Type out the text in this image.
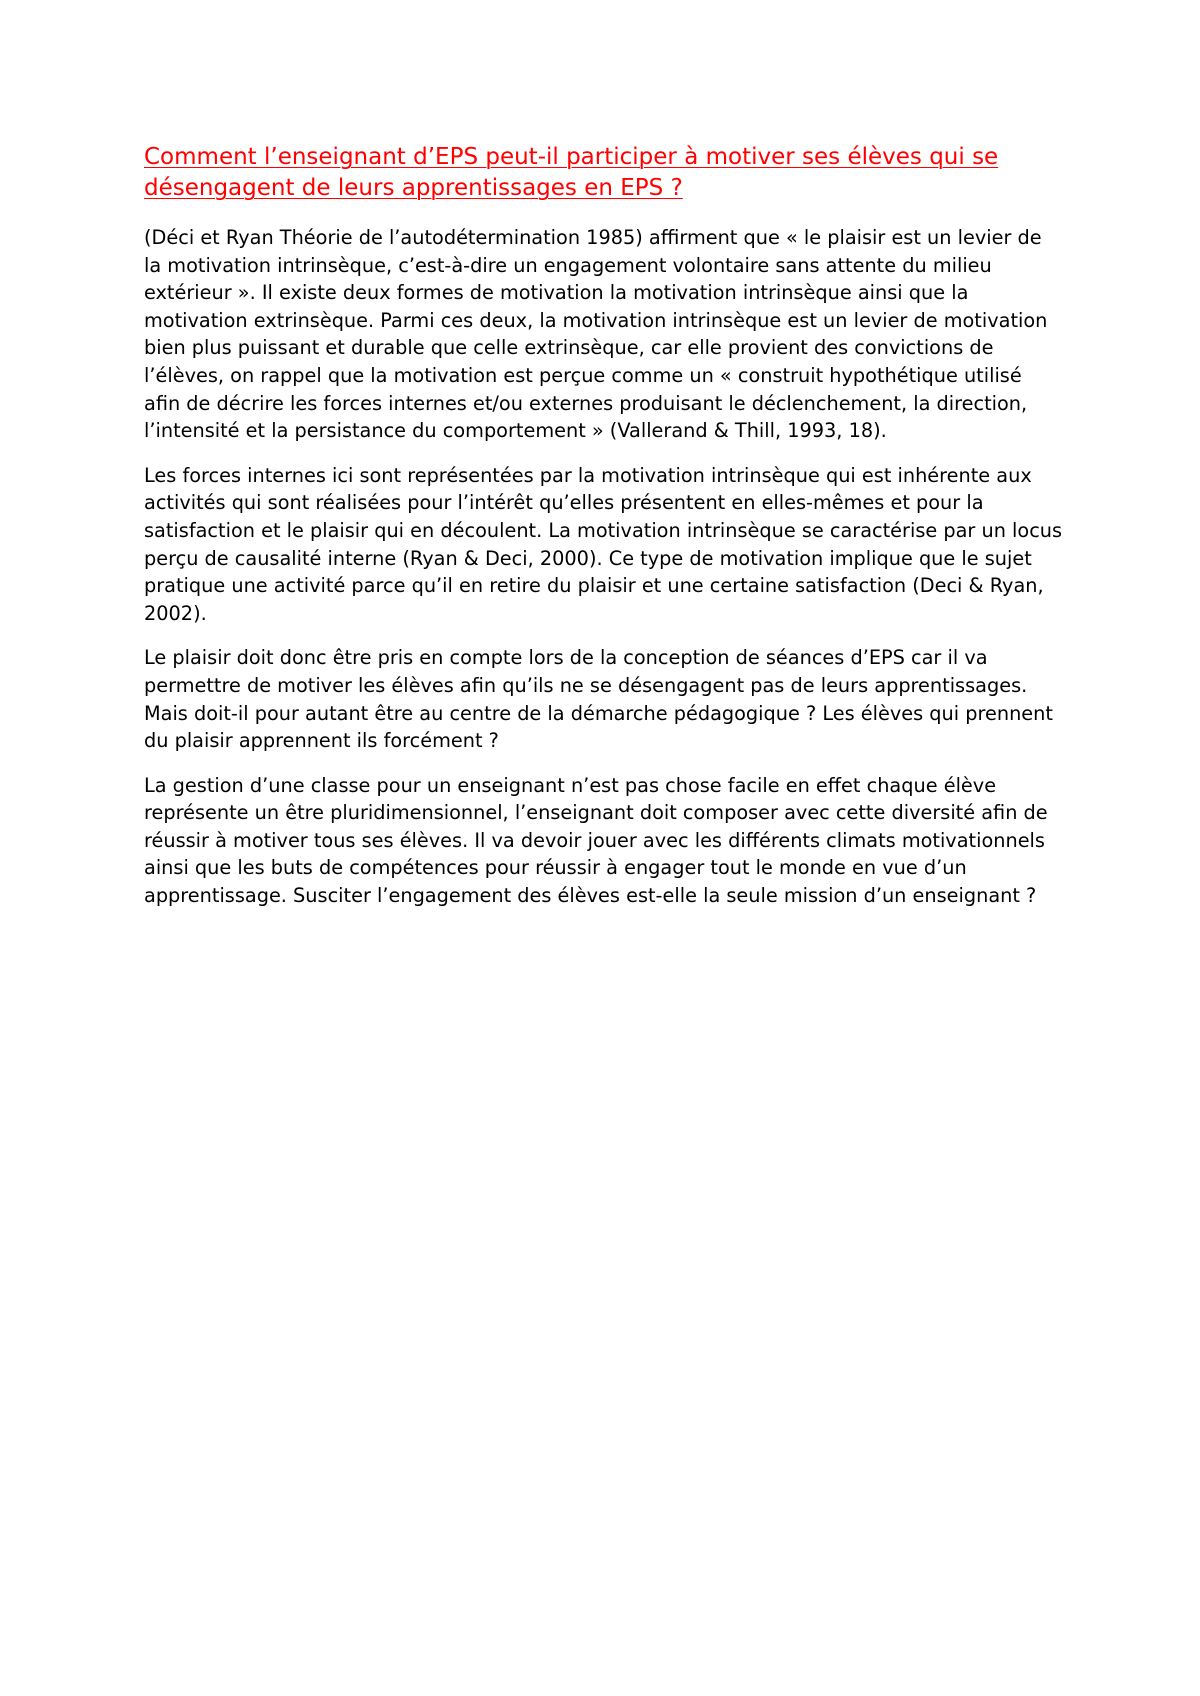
Comment l’enseignant d’EPS peut-il participer à motiver ses élèves qui se désengagent de leurs apprentissages en EPS ?

(Déci et Ryan Théorie de l’autodétermination 1985) affirment que « le plaisir est un levier de la motivation intrinsèque, c’est-à-dire un engagement volontaire sans attente du milieu extérieur ». Il existe deux formes de motivation la motivation intrinsèque ainsi que la motivation extrinsèque. Parmi ces deux, la motivation intrinsèque est un levier de motivation bien plus puissant et durable que celle extrinsèque, car elle provient des convictions de l’élèves, on rappel que la motivation est perçue comme un « construit hypothétique utilisé afin de décrire les forces internes et/ou externes produisant le déclenchement, la direction, l’intensité et la persistance du comportement » (Vallerand & Thill, 1993, 18).

Les forces internes ici sont représentées par la motivation intrinsèque qui est inhérente aux activités qui sont réalisées pour l’intérêt qu’elles présentent en elles-mêmes et pour la satisfaction et le plaisir qui en découlent. La motivation intrinsèque se caractérise par un locus perçu de causalité interne (Ryan & Deci, 2000). Ce type de motivation implique que le sujet pratique une activité parce qu’il en retire du plaisir et une certaine satisfaction (Deci & Ryan, 2002).

Le plaisir doit donc être pris en compte lors de la conception de séances d’EPS car il va permettre de motiver les élèves afin qu’ils ne se désengagent pas de leurs apprentissages. Mais doit-il pour autant être au centre de la démarche pédagogique ? Les élèves qui prennent du plaisir apprennent ils forcément ?

La gestion d’une classe pour un enseignant n’est pas chose facile en effet chaque élève représente un être pluridimensionnel, l’enseignant doit composer avec cette diversité afin de réussir à motiver tous ses élèves. Il va devoir jouer avec les différents climats motivationnels ainsi que les buts de compétences pour réussir à engager tout le monde en vue d’un apprentissage. Susciter l’engagement des élèves est-elle la seule mission d’un enseignant ?
